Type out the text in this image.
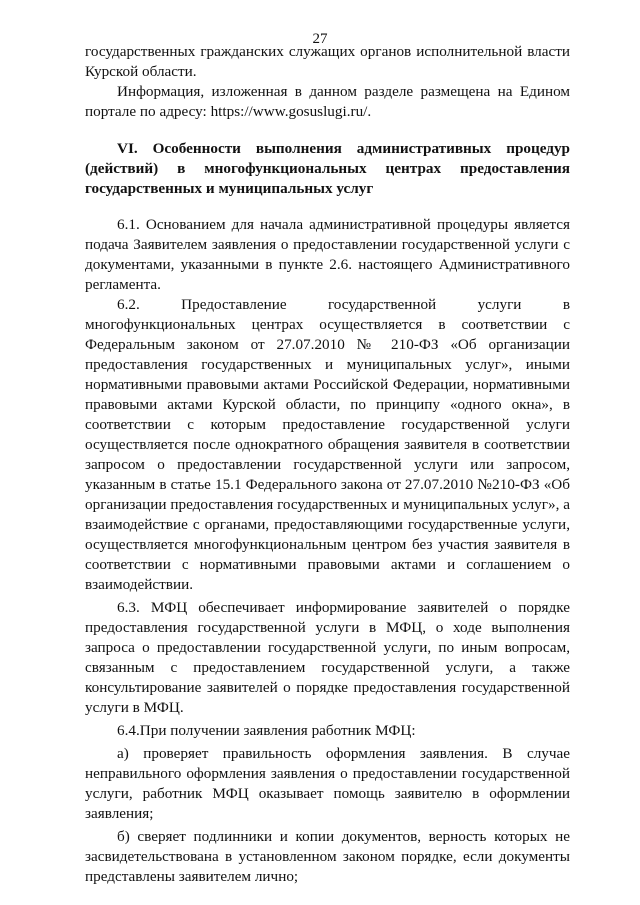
27
государственных гражданских служащих органов исполнительной власти
Курской области.
Информация, изложенная в данном разделе размещена на Едином
портале по адресу: https://www.gosuslugi.ru/.
VI. Особенности выполнения административных процедур
(действий) в многофункциональных центрах предоставления
государственных и муниципальных услуг
6.1. Основанием для начала административной процедуры является
подача Заявителем заявления о предоставлении государственной услуги с
документами, указанными в пункте 2.6. настоящего Административного
регламента.
6.2. Предоставление государственной услуги в
многофункциональных центрах осуществляется в соответствии с
Федеральным законом от 27.07.2010 № 210-ФЗ «Об организации
предоставления государственных и муниципальных услуг», иными
нормативными правовыми актами Российской Федерации, нормативными
правовыми актами Курской области, по принципу «одного окна», в
соответствии с которым предоставление государственной услуги
осуществляется после однократного обращения заявителя в соответствии
запросом о предоставлении государственной услуги или запросом,
указанным в статье 15.1 Федерального закона от 27.07.2010 №210-ФЗ «Об
организации предоставления государственных и муниципальных услуг», а
взаимодействие с органами, предоставляющими государственные услуги,
осуществляется многофункциональным центром без участия заявителя в
соответствии с нормативными правовыми актами и соглашением о
взаимодействии.
6.3. МФЦ обеспечивает информирование заявителей о порядке
предоставления государственной услуги в МФЦ, о ходе выполнения
запроса о предоставлении государственной услуги, по иным вопросам,
связанным с предоставлением государственной услуги, а также
консультирование заявителей о порядке предоставления государственной
услуги в МФЦ.
6.4.При получении заявления работник МФЦ:
а) проверяет правильность оформления заявления. В случае
неправильного оформления заявления о предоставлении государственной
услуги, работник МФЦ оказывает помощь заявителю в оформлении
заявления;
б) сверяет подлинники и копии документов, верность которых не
засвидетельствована в установленном законом порядке, если документы
представлены заявителем лично;
